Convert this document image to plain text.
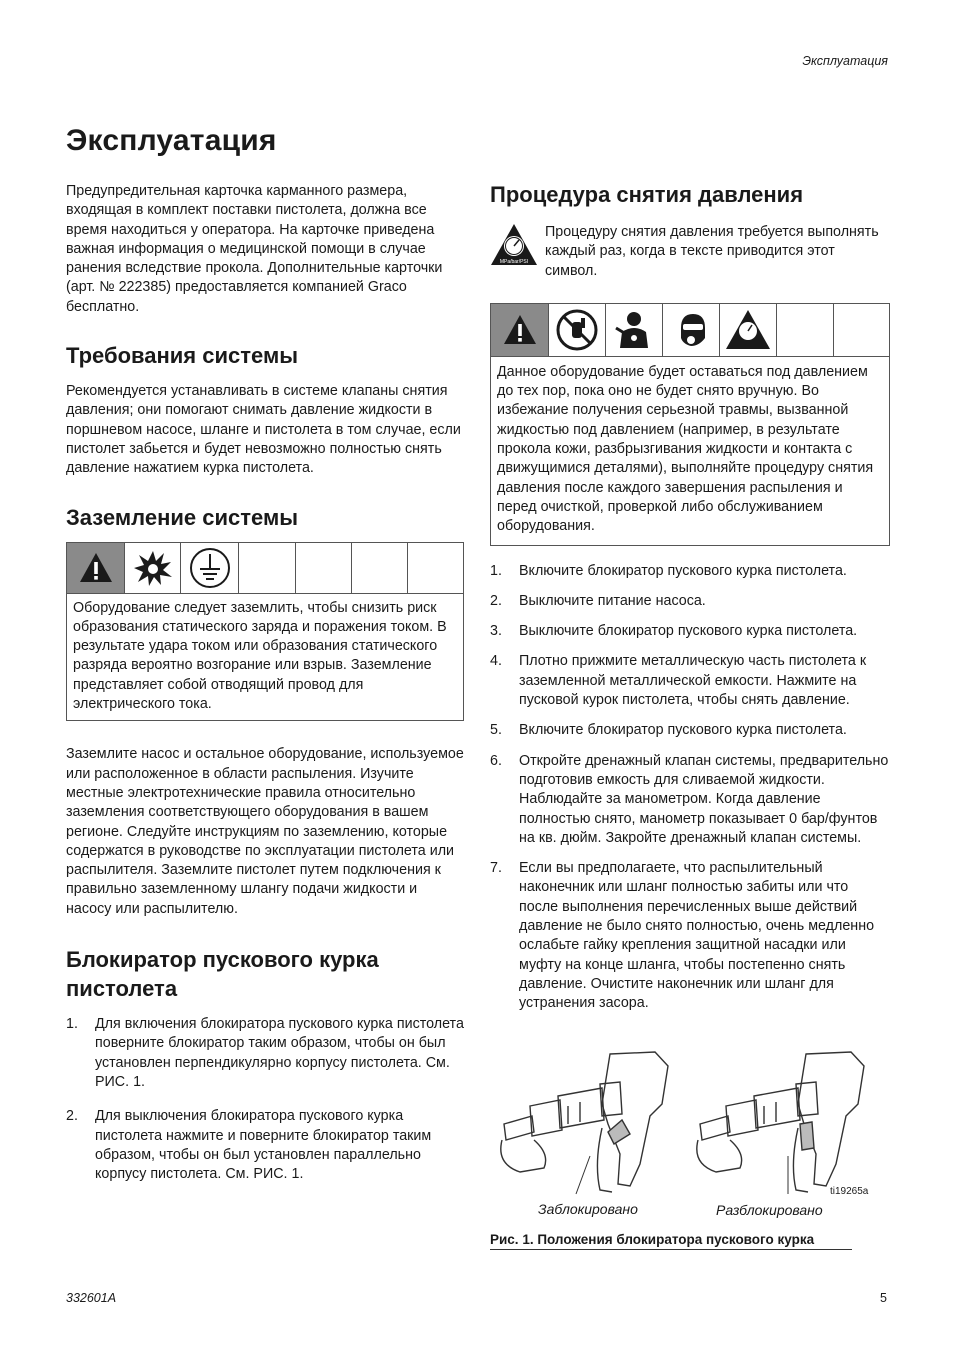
Эксплуатация
Эксплуатация

Предупредительная карточка карманного размера, входящая в комплект поставки пистолета, должна все время находиться у оператора. На карточке приведена важная информация о медицинской помощи в случае ранения вследствие прокола. Дополнительные карточки (арт. № 222385) предоставляется компанией Graco бесплатно.

Требования системы

Рекомендуется устанавливать в системе клапаны снятия давления; они помогают снимать давление жидкости в поршневом насосе, шланге и пистолета в том случае, если пистолет забьется и будет невозможно полностью снять давление нажатием курка пистолета.

Заземление системы
Оборудование следует заземлить, чтобы снизить риск образования статического заряда и поражения током. В результате удара током или образования статического разряда вероятно возгорание или взрыв. Заземление представляет собой отводящий провод для электрического тока.

Заземлите насос и остальное оборудование, используемое или расположенное в области распыления. Изучите местные электротехнические правила относительно заземления соответствующего оборудования в вашем регионе. Следуйте инструкциям по заземлению, которые содержатся в руководстве по эксплуатации пистолета или распылителя. Заземлите пистолет путем подключения к правильно заземленному шлангу подачи жидкости и насосу или распылителю.

Блокиратор пускового курка пистолета
1. Для включения блокиратора пускового курка пистолета поверните блокиратор таким образом, чтобы он был установлен перпендикулярно корпусу пистолета. См. РИС. 1.
2. Для выключения блокиратора пускового курка пистолета нажмите и поверните блокиратор таким образом, чтобы он был установлен параллельно корпусу пистолета. См. РИС. 1.
Процедура снятия давления
MPa/bar/PSI

Процедуру снятия давления требуется выполнять каждый раз, когда в тексте приводится этот символ.

Данное оборудование будет оставаться под давлением до тех пор, пока оно не будет снято вручную. Во избежание получения серьезной травмы, вызванной жидкостью под давлением (например, в результате прокола кожи, разбрызгивания жидкости и контакта с движущимися деталями), выполняйте процедуру снятия давления после каждого завершения распыления и перед очисткой, проверкой либо обслуживанием оборудования.
1. Включите блокиратор пускового курка пистолета.
2. Выключите питание насоса.
3. Выключите блокиратор пускового курка пистолета.
4. Плотно прижмите металлическую часть пистолета к заземленной металлической емкости. Нажмите на пусковой курок пистолета, чтобы снять давление.
5. Включите блокиратор пускового курка пистолета.
6. Откройте дренажный клапан системы, предварительно подготовив емкость для сливаемой жидкости. Наблюдайте за манометром. Когда давление полностью снято, манометр показывает 0 бар/фунтов на кв. дюйм. Закройте дренажный клапан системы.
7. Если вы предполагаете, что распылительный наконечник или шланг полностью забиты или что после выполнения перечисленных выше действий давление не было снято полностью, очень медленно ослабьте гайку крепления защитной насадки или муфту на конце шланга, чтобы постепенно снять давление. Очистите наконечник или шланг для устранения засора.
ti19265a
Заблокировано	Разблокировано
Рис. 1. Положения блокиратора пускового курка
332601A	5
